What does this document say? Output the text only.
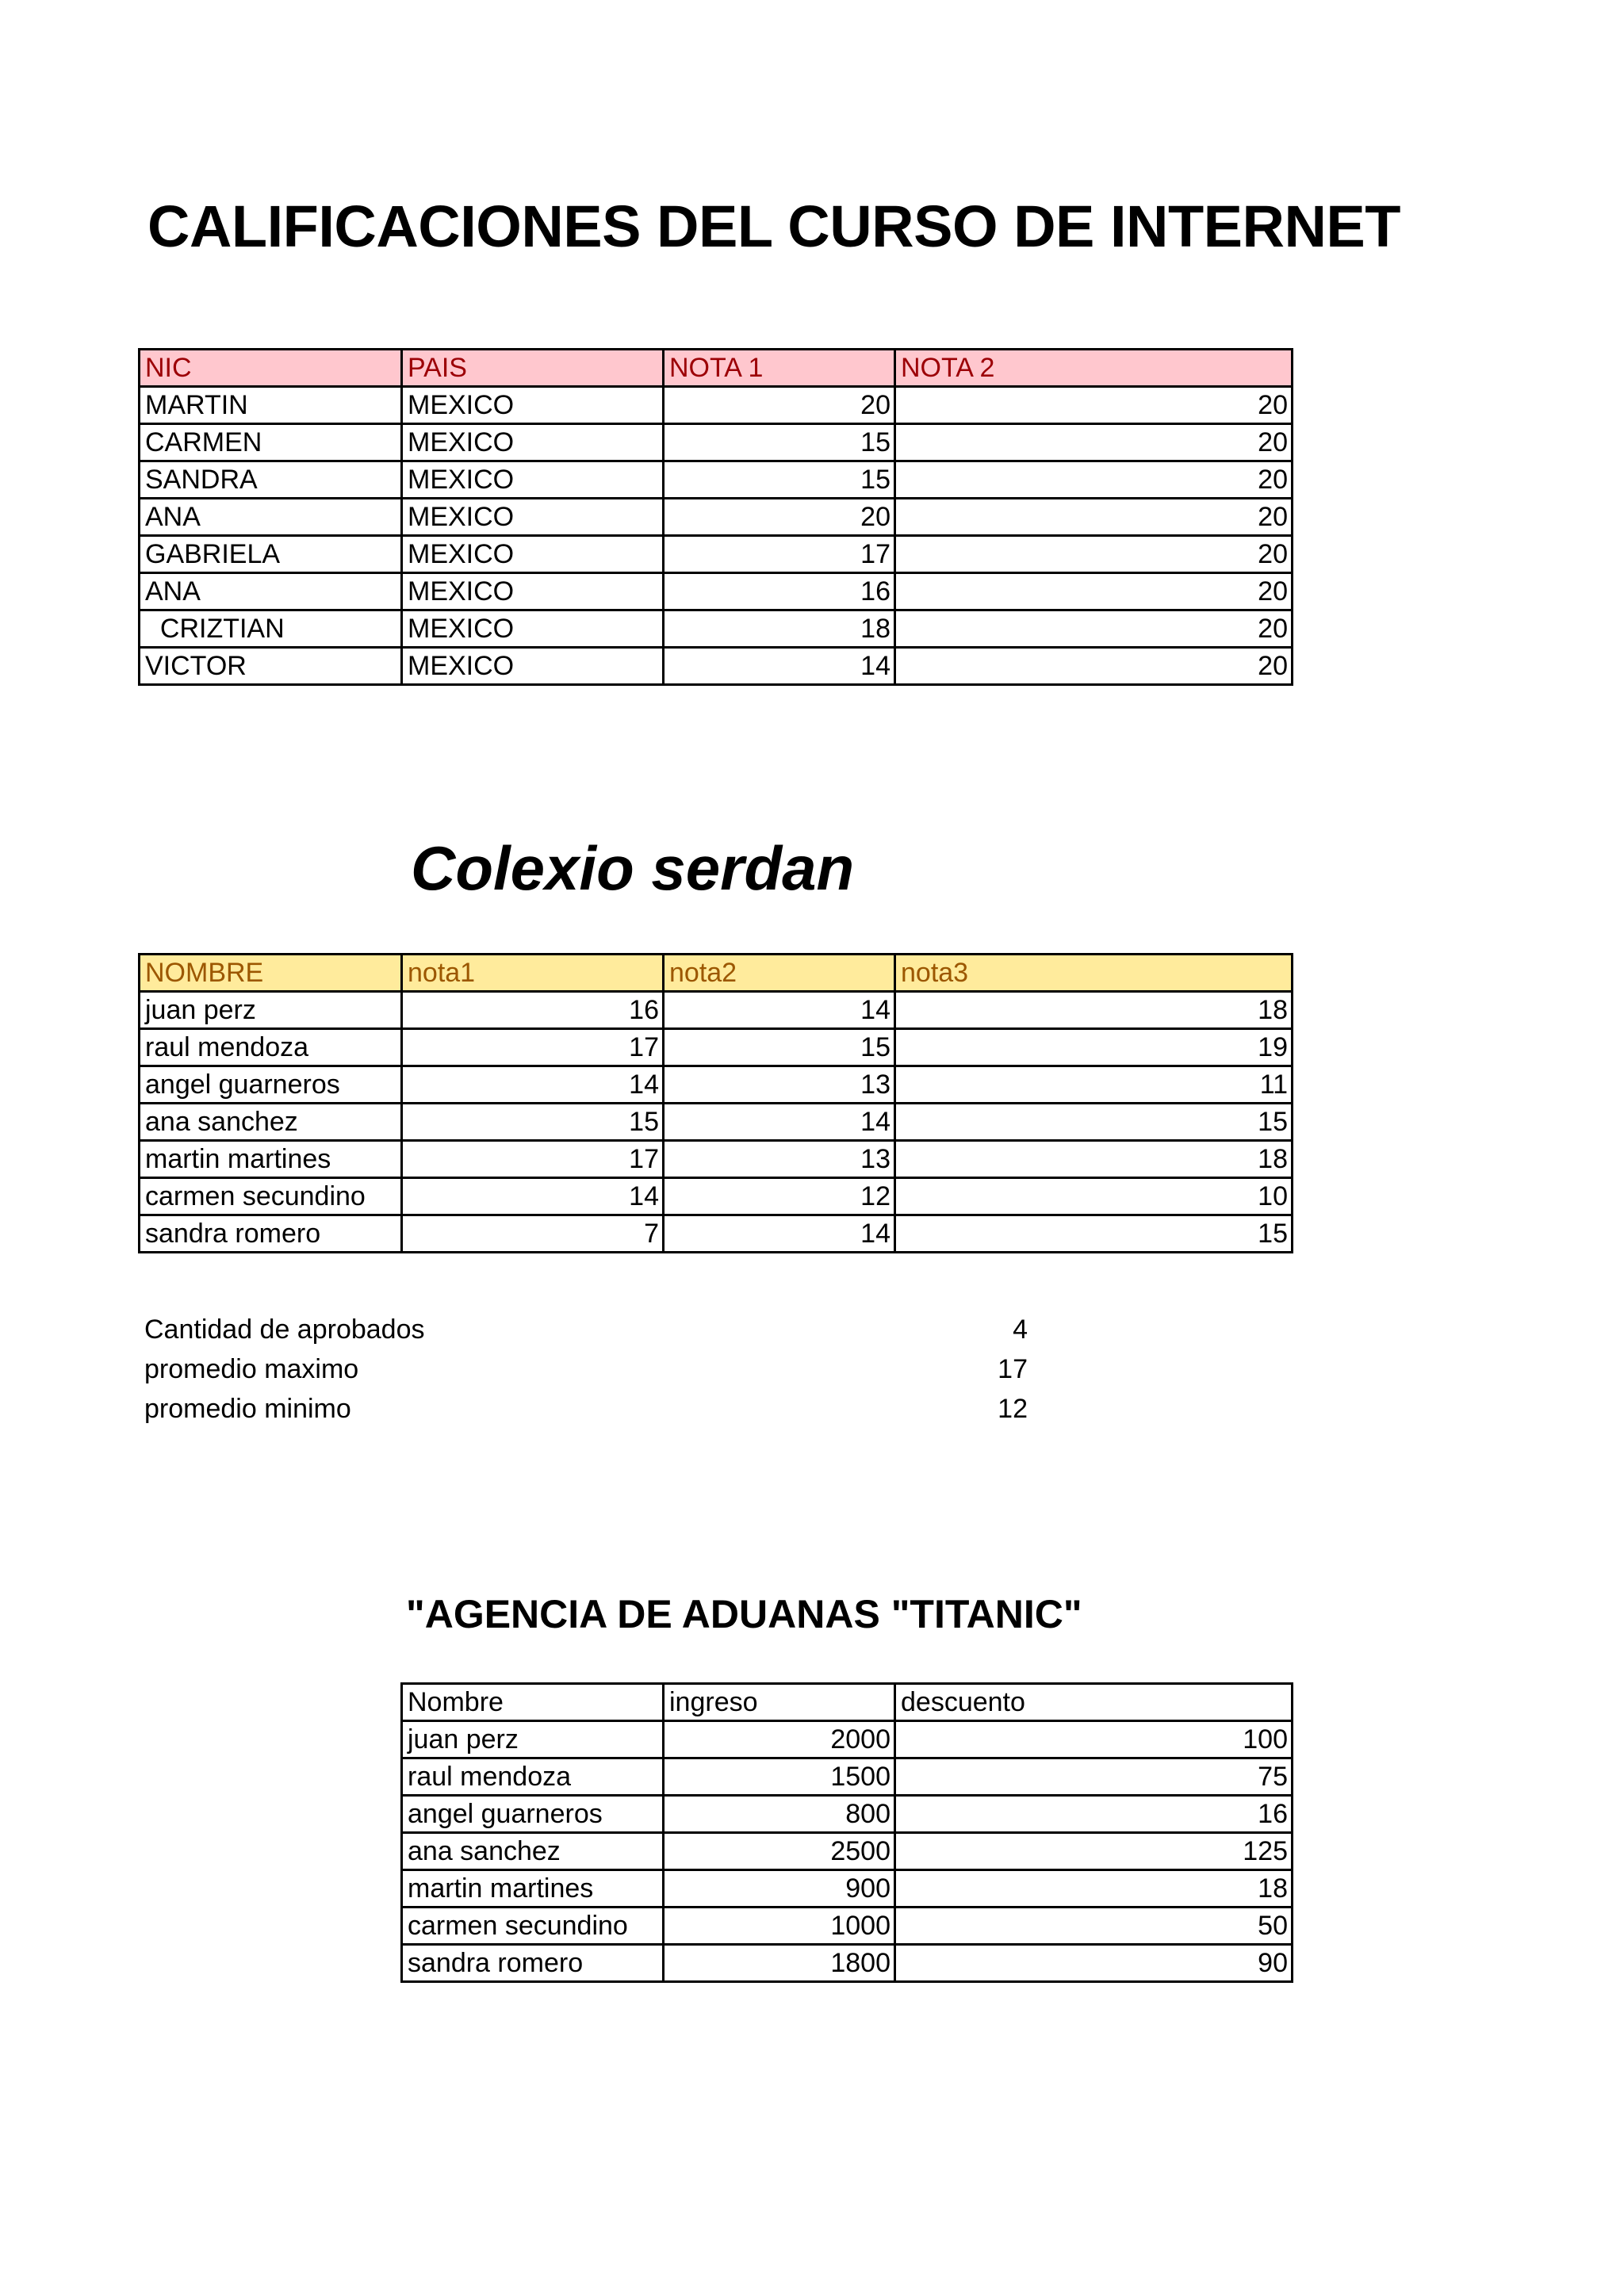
CALIFICACIONES DEL CURSO DE INTERNET
NIC	PAIS	NOTA 1	NOTA 2
MARTIN	MEXICO	20	20
CARMEN	MEXICO	15	20
SANDRA	MEXICO	15	20
ANA	MEXICO	20	20
GABRIELA	MEXICO	17	20
ANA	MEXICO	16	20
CRIZTIAN	MEXICO	18	20
VICTOR	MEXICO	14	20
Colexio serdan
NOMBRE	nota1	nota2	nota3
juan perz	16	14	18
raul mendoza	17	15	19
angel guarneros	14	13	11
ana sanchez	15	14	15
martin martines	17	13	18
carmen secundino	14	12	10
sandra romero	7	14	15
Cantidad de aprobados	4
promedio maximo	17
promedio minimo	12
"AGENCIA DE ADUANAS "TITANIC"
Nombre	ingreso	descuento
juan perz	2000	100
raul mendoza	1500	75
angel guarneros	800	16
ana sanchez	2500	125
martin martines	900	18
carmen secundino	1000	50
sandra romero	1800	90
